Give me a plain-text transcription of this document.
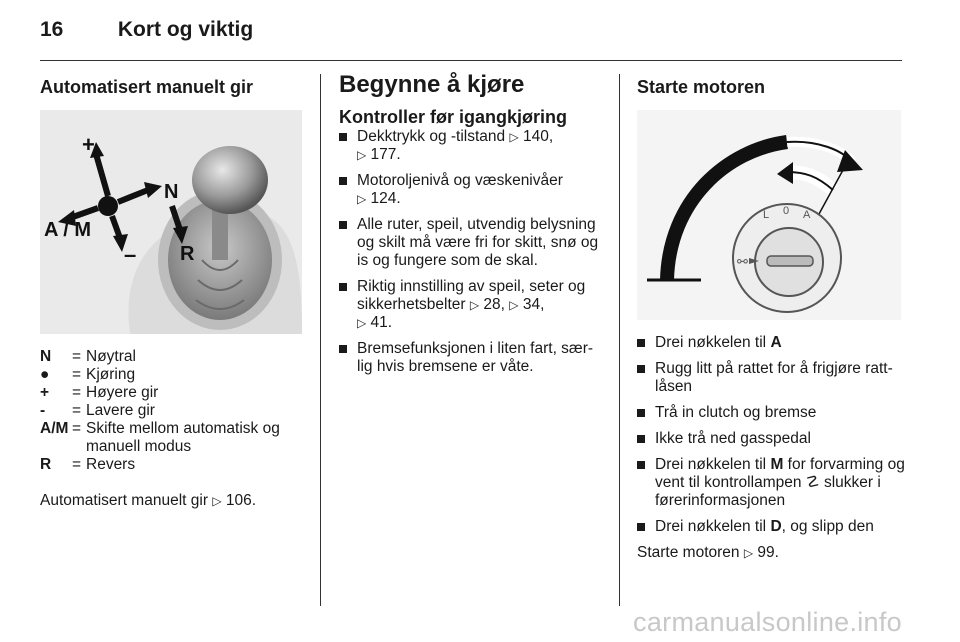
16	Kort og viktig
Automatisert manuelt gir
+
N
A / M
– R
N	= Nøytral
●	= Kjøring
+	= Høyere gir
-	= Lavere gir
A/M = Skifte mellom automatisk og manuell modus
R	= Revers
Automatisert manuelt gir ▷ 106.
Begynne å kjøre
Kontroller før igangkjøring
Dekktrykk og -tilstand ▷ 140,
▷ 177.
Motoroljenivå og væskenivåer
▷ 124.
Alle ruter, speil, utvendig belysning og skilt må være fri for skitt, snø og is og fungere som de skal.
Riktig innstilling av speil, seter og sikkerhetsbelter ▷ 28, ▷ 34,
▷ 41.
Bremsefunksjonen i liten fart, sær-lig hvis bremsene er våte.
Starte motoren
L 0 A
⚯
Drei nøkkelen til A
Rugg litt på rattet for å frigjøre ratt-låsen
Trå in clutch og bremse
Ikke trå ned gasspedal
Drei nøkkelen til M for forvarming og vent til kontrollampen ☡ slukker i førerinformasjonen
Drei nøkkelen til D, og slipp den
Starte motoren ▷ 99.
carmanualsonline.info
